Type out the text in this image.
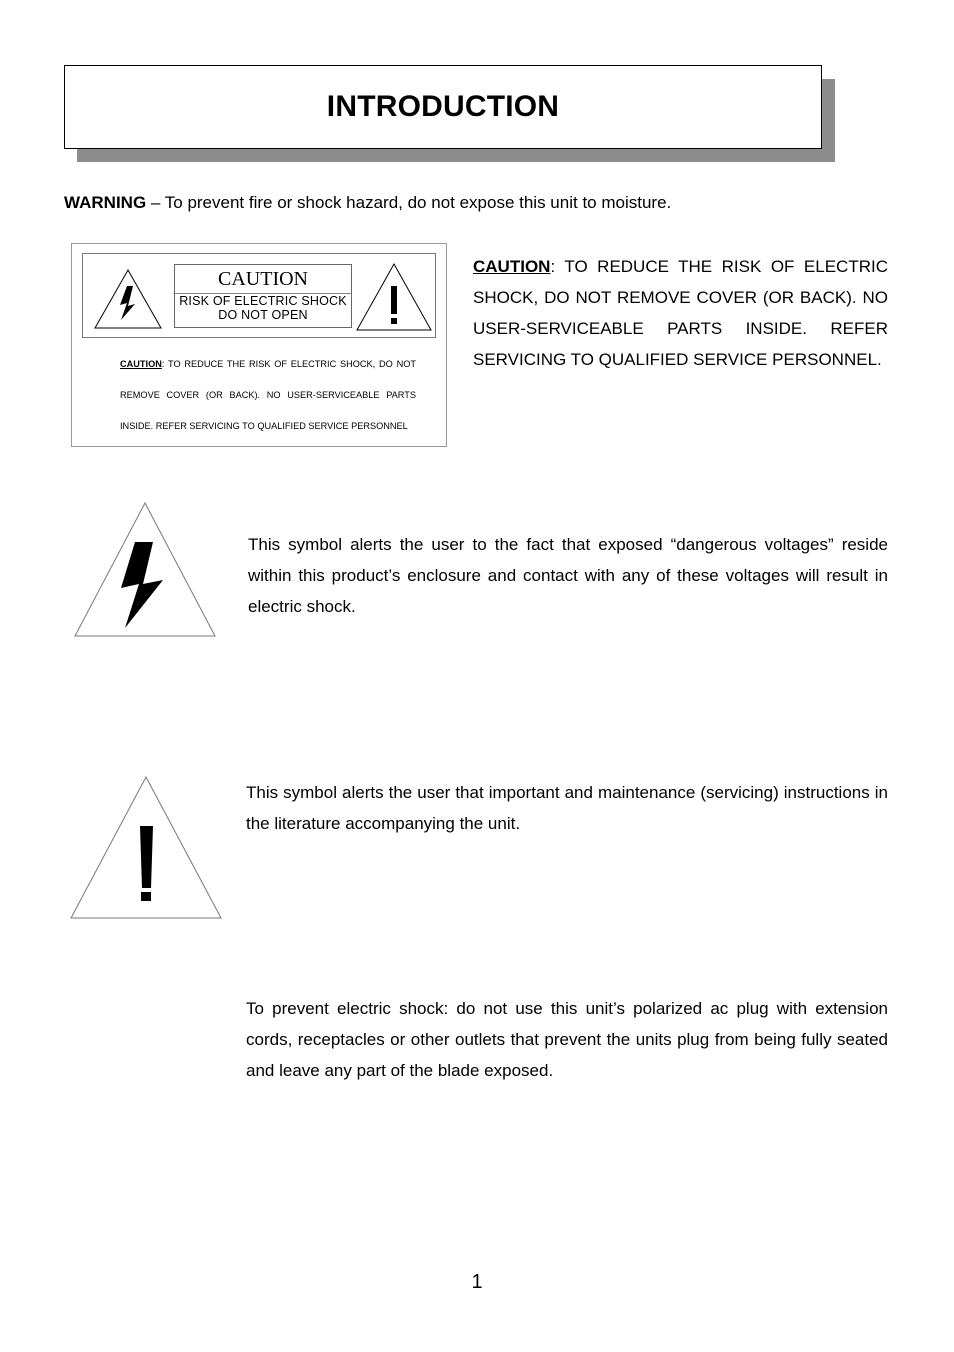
INTRODUCTION
WARNING – To prevent fire or shock hazard, do not expose this unit to moisture.
CAUTION
RISK OF ELECTRIC SHOCK
DO NOT OPEN
CAUTION: TO REDUCE THE RISK OF ELECTRIC SHOCK, DO NOT REMOVE COVER (OR BACK). NO USER-SERVICEABLE PARTS INSIDE. REFER SERVICING TO QUALIFIED SERVICE PERSONNEL
CAUTION: TO REDUCE THE RISK OF ELECTRIC SHOCK, DO NOT REMOVE COVER (OR BACK). NO USER-SERVICEABLE PARTS INSIDE. REFER SERVICING TO QUALIFIED SERVICE PERSONNEL.
This symbol alerts the user to the fact that exposed “dangerous voltages” reside within this product’s enclosure and contact with any of these voltages will result in electric shock.
This symbol alerts the user that important and maintenance (servicing) instructions in the literature accompanying the unit.
To prevent electric shock: do not use this unit’s polarized ac plug with extension cords, receptacles or other outlets that prevent the units plug from being fully seated and leave any part of the blade exposed.
1
